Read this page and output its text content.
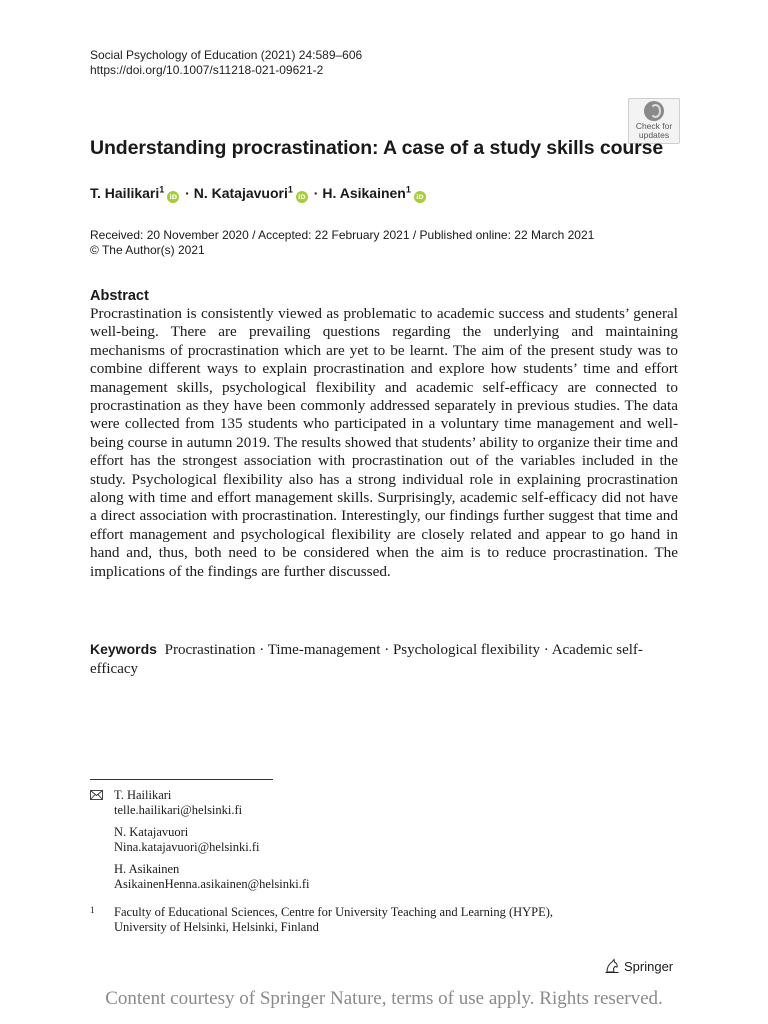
Social Psychology of Education (2021) 24:589–606
https://doi.org/10.1007/s11218-021-09621-2
Check for
updates
Understanding procrastination: A case of a study skills course
T. Hailikari$^1$iD · N. Katajavuori$^1$iD · H. Asikainen$^1$iD
Received: 20 November 2020 / Accepted: 22 February 2021 / Published online: 22 March 2021
© The Author(s) 2021
Abstract
Procrastination is consistently viewed as problematic to academic success and students’ general well-being. There are prevailing questions regarding the underlying and maintaining mechanisms of procrastination which are yet to be learnt. The aim of the present study was to combine different ways to explain procrastination and explore how students’ time and effort management skills, psychological flexibility and academic self-efficacy are connected to procrastination as they have been commonly addressed separately in previous studies. The data were collected from 135 students who participated in a voluntary time management and well-being course in autumn 2019. The results showed that students’ ability to organize their time and effort has the strongest association with procrastination out of the variables included in the study. Psychological flexibility also has a strong individual role in explaining procrastination along with time and effort management skills. Surprisingly, academic self-efficacy did not have a direct association with procrastination. Interestingly, our findings further suggest that time and effort management and psychological flexibility are closely related and appear to go hand in hand and, thus, both need to be considered when the aim is to reduce procrastination. The implications of the findings are further discussed.
Keywords Procrastination · Time-management · Psychological flexibility · Academic self-efficacy
T. Hailikari
telle.hailikari@helsinki.fi
N. Katajavuori
Nina.katajavuori@helsinki.fi
H. Asikainen
AsikainenHenna.asikainen@helsinki.fi
1 Faculty of Educational Sciences, Centre for University Teaching and Learning (HYPE),
University of Helsinki, Helsinki, Finland
Springer
Content courtesy of Springer Nature, terms of use apply. Rights reserved.
